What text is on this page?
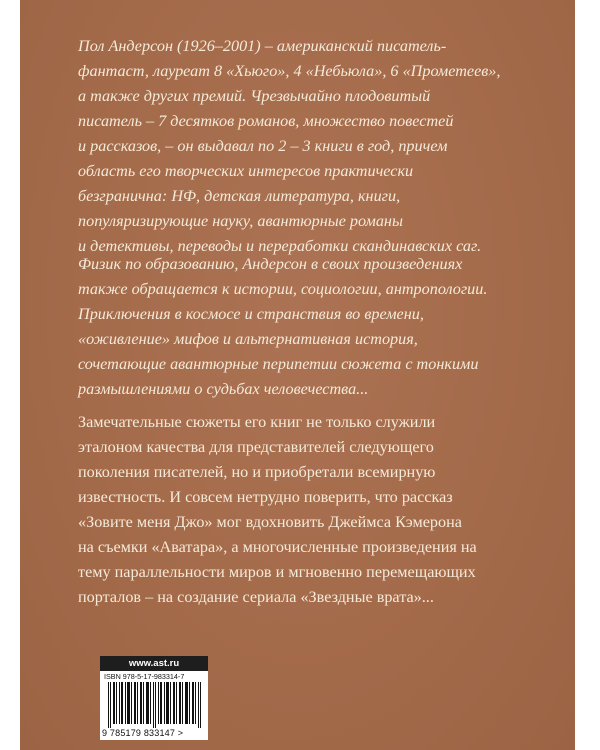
Пол Андерсон (1926–2001) – американский писатель-
фантаст, лауреат 8 «Хьюго», 4 «Небьюла», 6 «Прометеев»,
а также других премий. Чрезвычайно плодовитый
писатель – 7 десятков романов, множество повестей
и рассказов, – он выдавал по 2 – 3 книги в год, причем
область его творческих интересов практически
безгранична: НФ, детская литература, книги,
популяризирующие науку, авантюрные романы
и детективы, переводы и переработки скандинавских саг.
Физик по образованию, Андерсон в своих произведениях
также обращается к истории, социологии, антропологии.
Приключения в космосе и странствия во времени,
«оживление» мифов и альтернативная история,
сочетающие авантюрные перипетии сюжета с тонкими
размышлениями о судьбах человечества...
Замечательные сюжеты его книг не только служили
эталоном качества для представителей следующего
поколения писателей, но и приобретали всемирную
известность. И совсем нетрудно поверить, что рассказ
«Зовите меня Джо» мог вдохновить Джеймса Кэмерона
на съемки «Аватара», а многочисленные произведения на
тему параллельности миров и мгновенно перемещающих
порталов – на создание сериала «Звездные врата»...
www.ast.ru
ISBN 978-5-17-983314-7
9 785179 833147 >
